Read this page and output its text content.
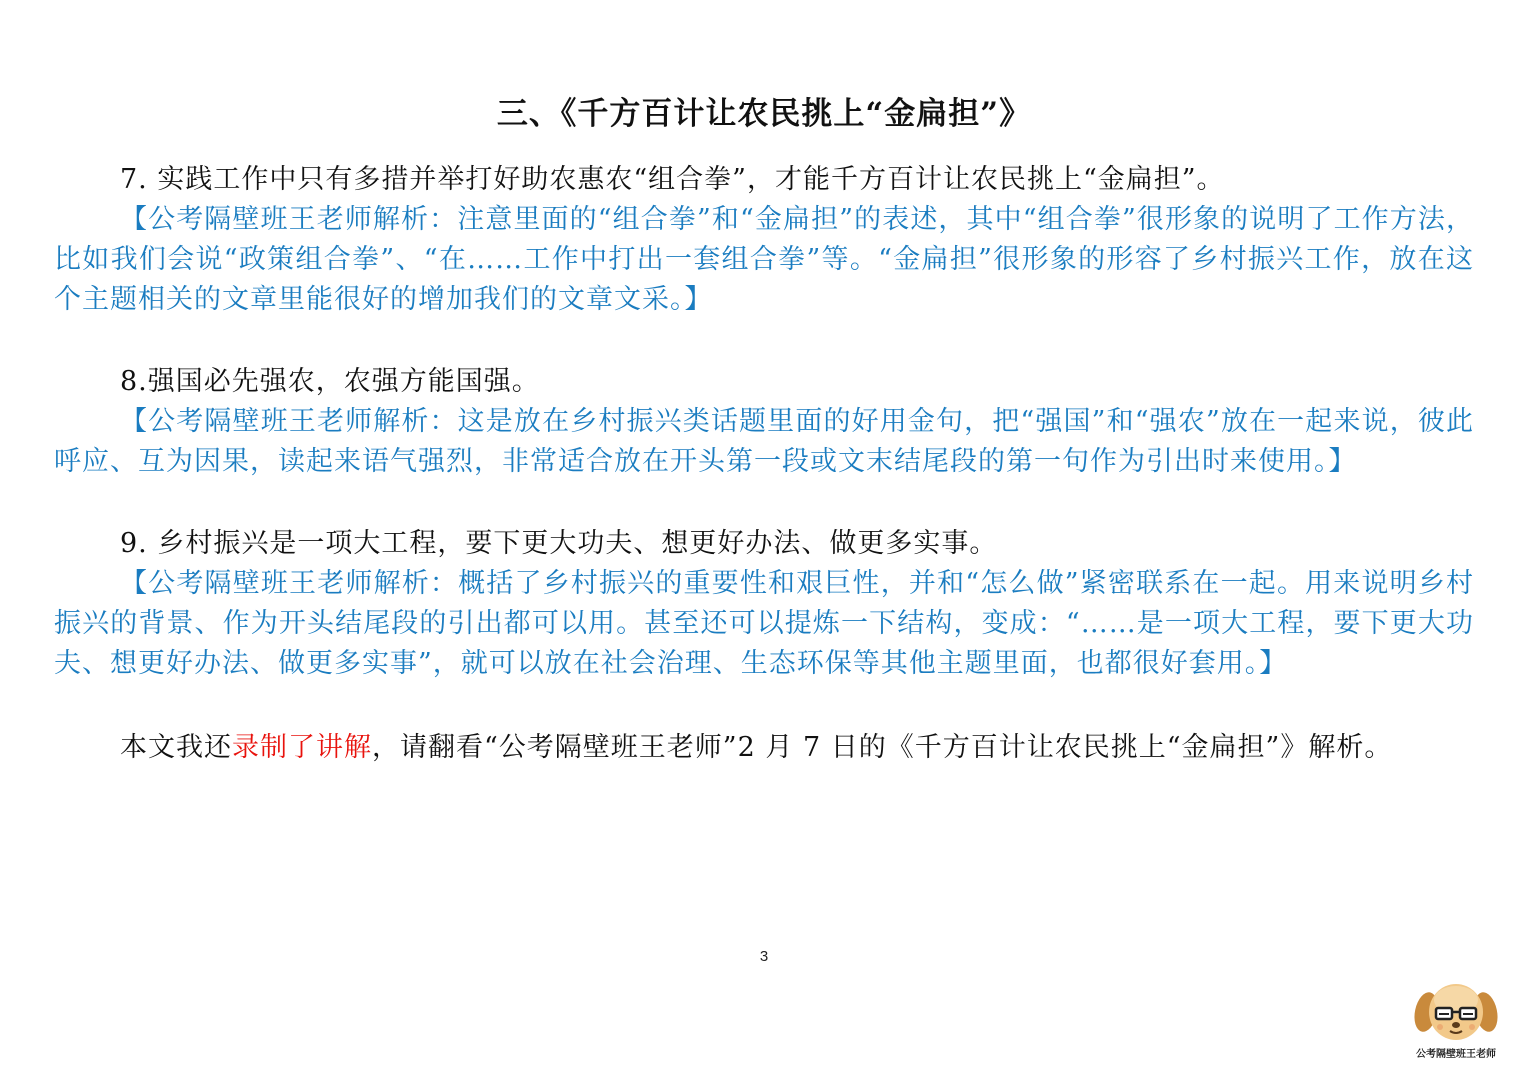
三、《千方百计让农民挑上“金扁担”》

7. 实践工作中只有多措并举打好助农惠农“组合拳”，才能千方百计让农民挑上“金扁担”。

【公考隔壁班王老师解析：注意里面的“组合拳”和“金扁担”的表述，其中“组合拳”很形象的说明了工作方法，比如我们会说“政策组合拳”、“在……工作中打出一套组合拳”等。“金扁担”很形象的形容了乡村振兴工作，放在这个主题相关的文章里能很好的增加我们的文章文采。】

8.强国必先强农，农强方能国强。

【公考隔壁班王老师解析：这是放在乡村振兴类话题里面的好用金句，把“强国”和“强农”放在一起来说，彼此呼应、互为因果，读起来语气强烈，非常适合放在开头第一段或文末结尾段的第一句作为引出时来使用。】

9. 乡村振兴是一项大工程，要下更大功夫、想更好办法、做更多实事。

【公考隔壁班王老师解析：概括了乡村振兴的重要性和艰巨性，并和“怎么做”紧密联系在一起。用来说明乡村振兴的背景、作为开头结尾段的引出都可以用。甚至还可以提炼一下结构，变成：“……是一项大工程，要下更大功夫、想更好办法、做更多实事”，就可以放在社会治理、生态环保等其他主题里面，也都很好套用。】

本文我还录制了讲解，请翻看“公考隔壁班王老师”2 月 7 日的《千方百计让农民挑上“金扁担”》解析。

3
公考隔壁班王老师
